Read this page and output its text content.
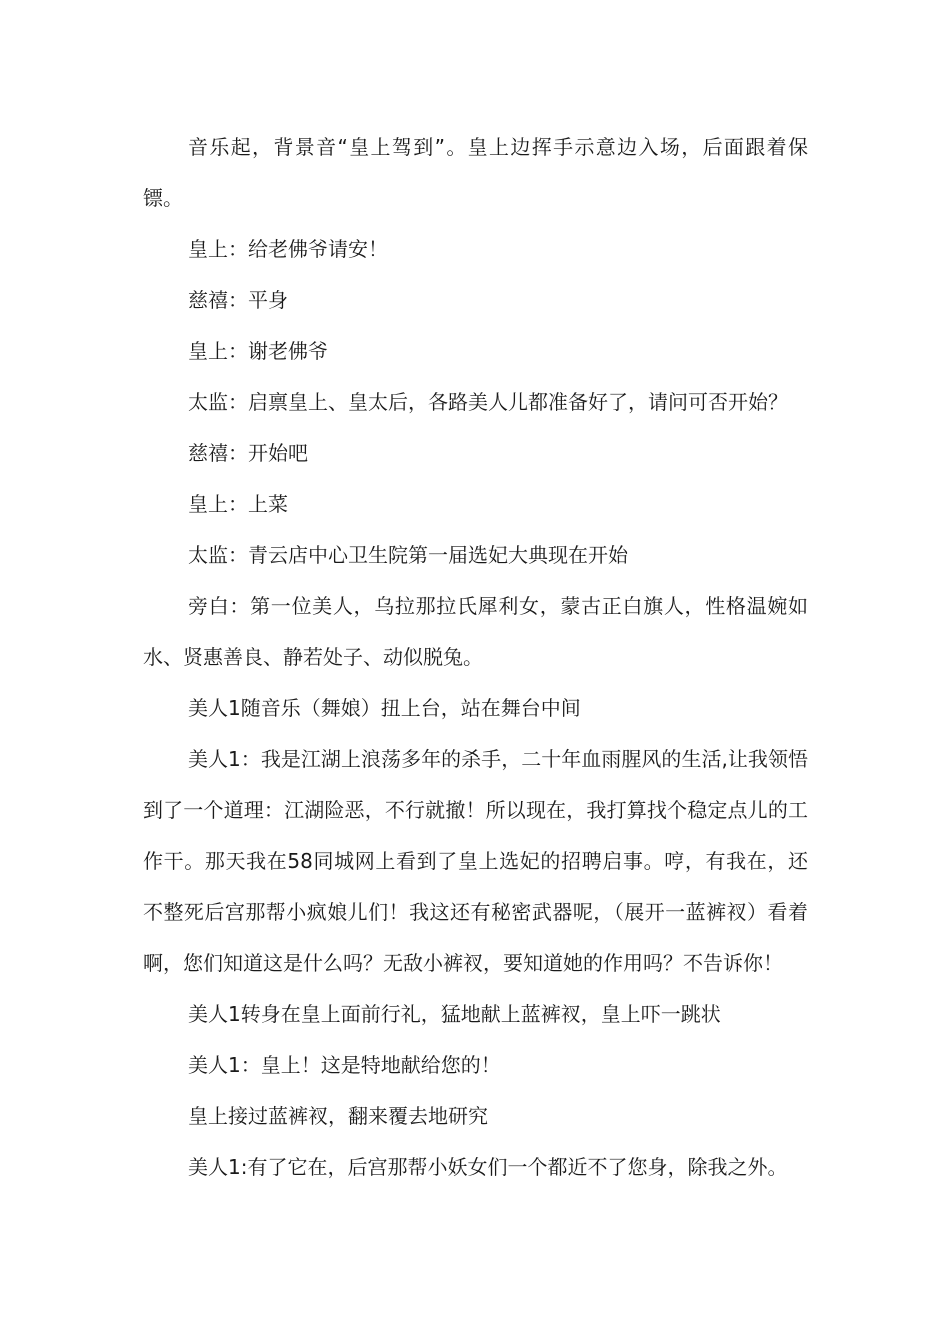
音乐起，背景音“皇上驾到”。皇上边挥手示意边入场，后面跟着保镖。

皇上：给老佛爷请安！

慈禧：平身

皇上：谢老佛爷

太监：启禀皇上、皇太后，各路美人儿都准备好了，请问可否开始？

慈禧：开始吧

皇上：上菜

太监：青云店中心卫生院第一届选妃大典现在开始

旁白：第一位美人，乌拉那拉氏犀利女，蒙古正白旗人，性格温婉如水、贤惠善良、静若处子、动似脱兔。

美人1随音乐（舞娘）扭上台，站在舞台中间

美人1：我是江湖上浪荡多年的杀手，二十年血雨腥风的生活,让我领悟到了一个道理：江湖险恶，不行就撤！所以现在，我打算找个稳定点儿的工作干。那天我在58同城网上看到了皇上选妃的招聘启事。哼，有我在，还不整死后宫那帮小疯娘儿们！我这还有秘密武器呢，（展开一蓝裤衩）看着啊，您们知道这是什么吗？无敌小裤衩，要知道她的作用吗？不告诉你！

美人1转身在皇上面前行礼，猛地献上蓝裤衩，皇上吓一跳状

美人1：皇上！这是特地献给您的！

皇上接过蓝裤衩，翻来覆去地研究

美人1:有了它在，后宫那帮小妖女们一个都近不了您身，除我之外。
